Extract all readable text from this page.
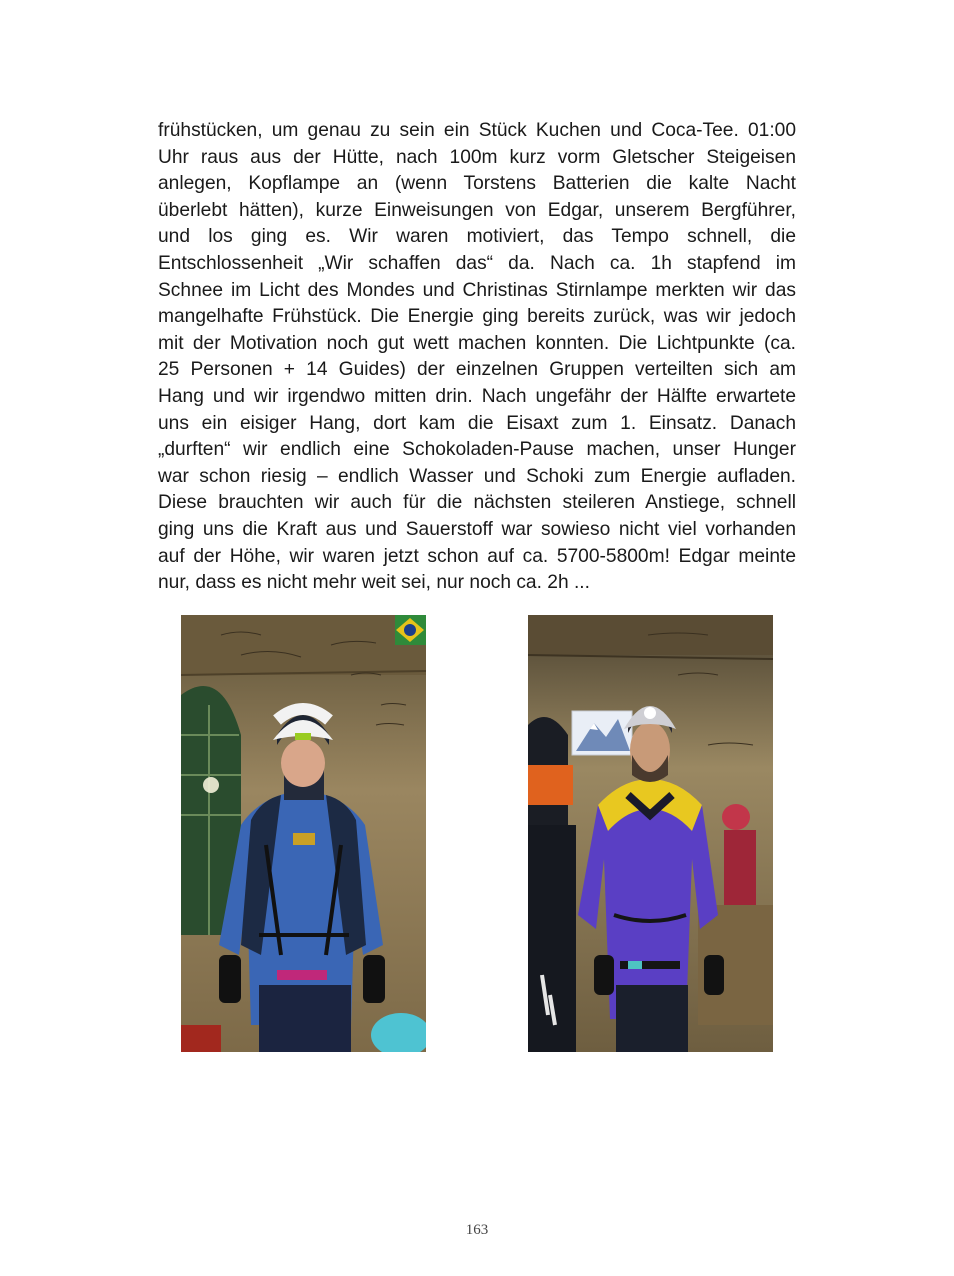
frühstücken, um genau zu sein ein Stück Kuchen und Coca-Tee. 01:00
Uhr raus aus der Hütte, nach 100m kurz vorm Gletscher Steigeisen
anlegen, Kopflampe an (wenn Torstens Batterien die kalte Nacht
überlebt hätten), kurze Einweisungen von Edgar, unserem Bergführer,
und los ging es. Wir waren motiviert, das Tempo schnell, die
Entschlossenheit „Wir schaffen das“ da. Nach ca. 1h stapfend im
Schnee im Licht des Mondes und Christinas Stirnlampe merkten wir das
mangelhafte Frühstück. Die Energie ging bereits zurück, was wir jedoch
mit der Motivation noch gut wett machen konnten. Die Lichtpunkte (ca.
25 Personen + 14 Guides) der einzelnen Gruppen verteilten sich am
Hang und wir irgendwo mitten drin. Nach ungefähr der Hälfte erwartete
uns ein eisiger Hang, dort kam die Eisaxt zum 1. Einsatz. Danach
„durften“ wir endlich eine Schokoladen-Pause machen, unser Hunger
war schon riesig – endlich Wasser und Schoki zum Energie aufladen.
Diese brauchten wir auch für die nächsten steileren Anstiege, schnell
ging uns die Kraft aus und Sauerstoff war sowieso nicht viel vorhanden
auf der Höhe, wir waren jetzt schon auf ca. 5700-5800m! Edgar meinte
nur, dass es nicht mehr weit sei, nur noch ca. 2h ...
163
